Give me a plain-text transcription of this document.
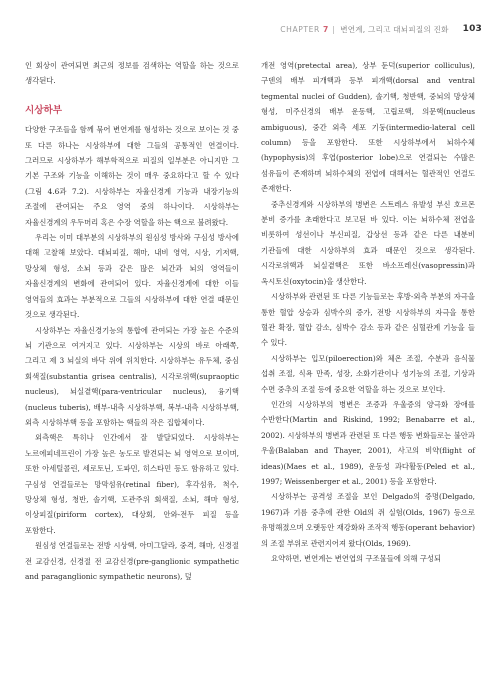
CHAPTER 7 | 변연계, 그리고 대뇌피질의 진화 103

인 회상이 관여되면 최근의 정보를 검색하는 역할을 하는 것으로 생각된다.

시상하부

다양한 구조들을 함께 묶어 변연계를 형성하는 것으로 보이는 것 중 또 다른 하나는 시상하부에 대한 그들의 공통적인 연결이다. 그러므로 시상하부가 해부학적으로 피질의 일부분은 아니지만 그 기본 구조와 기능을 이해하는 것이 매우 중요하다고 할 수 있다(그림 4.6과 7.2). 시상하부는 자율신경계 기능과 내장기능의 조절에 관여되는 주요 영역 중의 하나이다. 시상하부는 자율신경계의 우두머리 혹은 수장 역할을 하는 핵으로 불려왔다.

우리는 이미 대부분의 시상하부의 원심성 방사와 구심성 방사에 대해 고찰해 보았다. 대뇌피질, 해마, 내비 영역, 시상, 기저핵, 망상체 형성, 소뇌 등과 같은 많은 뇌간과 뇌의 영역들이 자율신경계의 변화에 관여되어 있다. 자율신경계에 대한 이들 영역들의 효과는 부분적으로 그들의 시상하부에 대한 연결 때문인 것으로 생각된다.

시상하부는 자율신경기능의 통합에 관여되는 가장 높은 수준의 뇌 기관으로 여겨지고 있다. 시상하부는 시상의 바로 아래쪽, 그리고 제 3 뇌실의 바닥 위에 위치한다. 시상하부는 유두체, 중심 회색질(substantia grisea centralis), 시각로위핵(supraoptic nucleus), 뇌실곁핵(para-ventricular nucleus), 융기핵(nucleus tuberis), 배부-내측 시상하부핵, 복부-내측 시상하부핵, 외측 시상하부핵 등을 포함하는 핵들의 작은 집합체이다.

외측핵은 특히나 인간에서 잘 발달되었다. 시상하부는 노르에피네프린이 가장 높은 농도로 발견되는 뇌 영역으로 보이며, 또한 아세틸콜린, 세로토닌, 도파민, 히스타민 등도 함유하고 있다. 구심성 연결들로는 망막섬유(retinal fiber), 후각섬유, 척수, 망상체 형성, 청반, 솔기핵, 도관주위 회색질, 소뇌, 해마 형성, 이상피질(piriform cortex), 대상회, 안와-전두 피질 등을 포함한다.

원심성 연결들로는 전방 시상핵, 아미그달라, 중격, 해마, 신경절 전 교감신경, 신경절 전 교감신경(pre-ganglionic sympathetic and paraganglionic sympathetic neurons), 덮

개전 영역(pretectal area), 상부 둔덕(superior colliculus), 구덴의 배부 피개핵과 등부 피개핵(dorsal and ventral tegmental nuclei of Gudden), 솔기핵, 청반핵, 중뇌의 망상체 형성, 미주신경의 배부 운동핵, 고립로핵, 의문핵(nucleus ambiguous), 중간 외측 세포 기둥(intermedio-lateral cell column) 등을 포함한다. 또한 시상하부에서 뇌하수체(hypophysis)의 후엽(posterior lobe)으로 연결되는 수많은 섬유들이 존재하며 뇌하수체의 전엽에 대해서는 혈관적인 연결도 존재한다.

중추신경계와 시상하부의 병변은 스트레스 유발성 부신 호르몬 분비 증가를 초래한다고 보고된 바 있다. 이는 뇌하수체 전엽을 비롯하여 성선이나 부신피질, 갑상선 등과 같은 다른 내분비 기관들에 대한 시상하부의 효과 때문인 것으로 생각된다. 시각로위핵과 뇌실곁핵은 또한 바소프레신(vasopressin)과 옥시토신(oxytocin)을 생산한다.

시상하부와 관련된 또 다른 기능들로는 후방-외측 부분의 자극을 통한 혈압 상승과 심박수의 증가, 전방 시상하부의 자극을 통한 혈관 확장, 혈압 감소, 심박수 감소 등과 같은 심혈관계 기능을 들 수 있다.

시상하부는 입모(piloerection)와 체온 조절, 수분과 음식물 섭취 조절, 식욕 만족, 성장, 소화기관이나 성기능의 조절, 기상과 수면 중추의 조절 등에 중요한 역할을 하는 것으로 보인다.

인간의 시상하부의 병변은 조증과 우울증의 양극화 장애를 수반한다(Martin and Riskind, 1992; Benabarre et al., 2002). 시상하부의 병변과 관련된 또 다른 행동 변화들로는 불안과 우울(Balaban and Thayer, 2001), 사고의 비약(flight of ideas)(Maes et al., 1989), 운동성 과다활동(Peled et al., 1997; Weissenberger et al., 2001) 등을 포함한다.

시상하부는 공격성 조절을 보인 Delgado의 증명(Delgado, 1967)과 기름 중추에 관한 Old의 쥐 실험(Olds, 1967) 등으로 유명해졌으며 오랫동안 재강화와 조작적 행동(operant behavior)의 조절 부위로 관련지어져 왔다(Olds, 1969).

요약하면, 변연계는 변연엽의 구조물들에 의해 구성되
